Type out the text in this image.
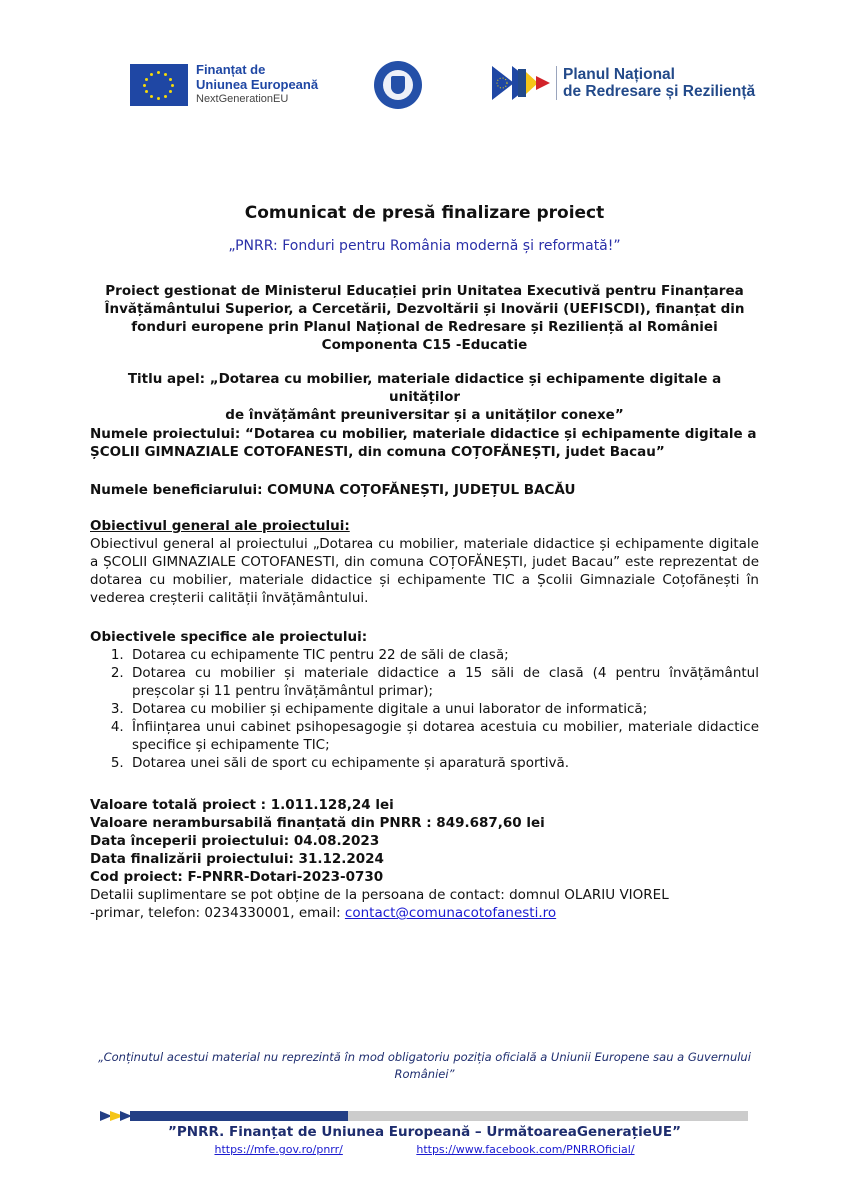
Finanțat de
Uniunea Europeană
NextGenerationEU
Planul Național
de Redresare și Reziliență
Comunicat de presă finalizare proiect
„PNRR: Fonduri pentru România modernă și reformată!”
Proiect gestionat de Ministerul Educației prin Unitatea Executivă pentru Finanțarea
Învățământului Superior, a Cercetării, Dezvoltării și Inovării (UEFISCDI), finanțat din
fonduri europene prin Planul Național de Redresare și Reziliență al României
Componenta C15 -Educatie
Titlu apel: „Dotarea cu mobilier, materiale didactice și echipamente digitale a unităților
de învățământ preuniversitar și a unităților conexe”
Numele proiectului: “Dotarea cu mobilier, materiale didactice și echipamente digitale a
ȘCOLII GIMNAZIALE COTOFANESTI, din comuna COȚOFĂNEȘTI, judet Bacau”
Numele beneficiarului: COMUNA COȚOFĂNEȘTI, JUDEȚUL BACĂU
Obiectivul general ale proiectului:
Obiectivul general al proiectului „Dotarea cu mobilier, materiale didactice și echipamente digitale a ȘCOLII GIMNAZIALE COTOFANESTI, din comuna COȚOFĂNEȘTI, judet Bacau” este reprezentat de dotarea cu mobilier, materiale didactice și echipamente TIC a Școlii Gimnaziale Coțofănești în vederea creșterii calității învățământului.
Obiectivele specifice ale proiectului:
1. Dotarea cu echipamente TIC pentru 22 de săli de clasă;
2. Dotarea cu mobilier și materiale didactice a 15 săli de clasă (4 pentru învățământul preșcolar și 11 pentru învățământul primar);
3. Dotarea cu mobilier și echipamente digitale a unui laborator de informatică;
4. Înființarea unui cabinet psihopesagogie și dotarea acestuia cu mobilier, materiale didactice specifice și echipamente TIC;
5. Dotarea unei săli de sport cu echipamente și aparatură sportivă.
Valoare totală proiect : 1.011.128,24 lei
Valoare nerambursabilă finanțată din PNRR : 849.687,60 lei
Data începerii proiectului: 04.08.2023
Data finalizării proiectului: 31.12.2024
Cod proiect: F-PNRR-Dotari-2023-0730
Detalii suplimentare se pot obține de la persoana de contact: domnul OLARIU VIOREL
-primar, telefon: 0234330001, email: contact@comunacotofanesti.ro
„Conținutul acestui material nu reprezintă în mod obligatoriu poziția oficială a Uniunii Europene sau a Guvernului României”
”PNRR. Finanțat de Uniunea Europeană – UrmătoareaGenerațieUE”
https://mfe.gov.ro/pnrr/	https://www.facebook.com/PNRROficial/
